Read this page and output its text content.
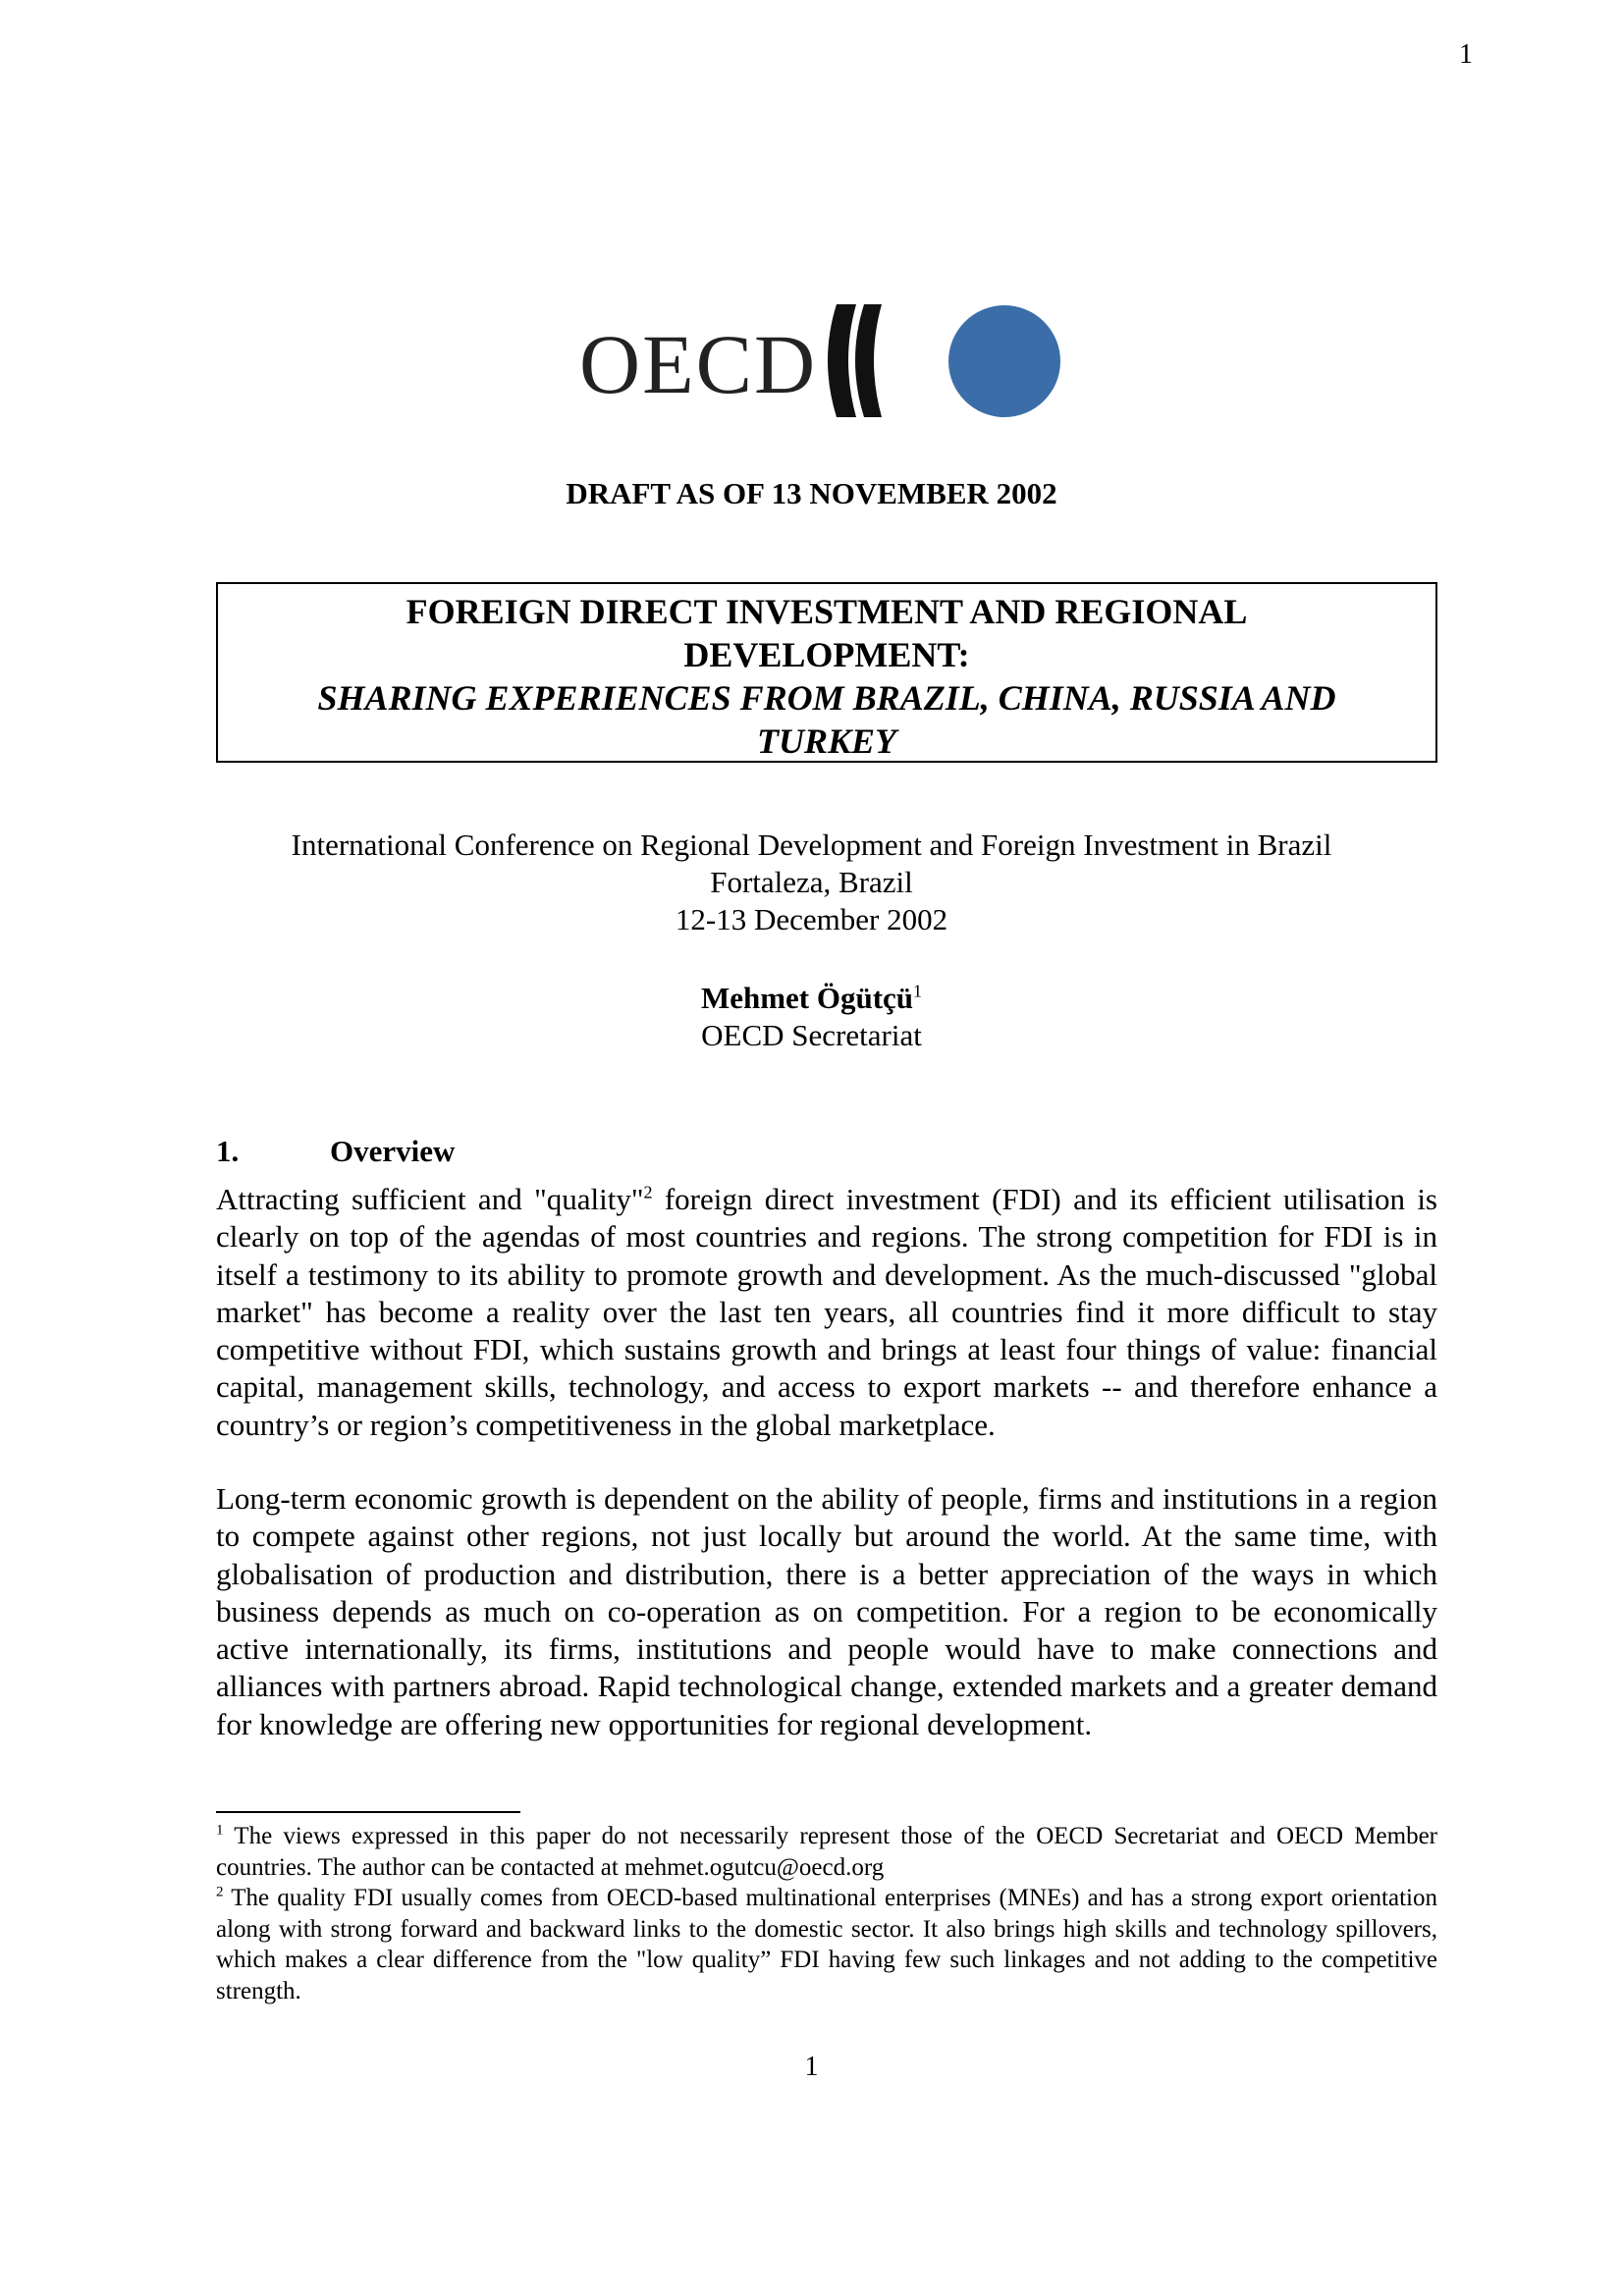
1
OECD
DRAFT AS OF 13 NOVEMBER 2002
FOREIGN DIRECT INVESTMENT AND REGIONAL DEVELOPMENT:
SHARING EXPERIENCES FROM BRAZIL, CHINA, RUSSIA AND TURKEY
International Conference on Regional Development and Foreign Investment in Brazil
Fortaleza, Brazil
12-13 December 2002
Mehmet Ögütçü$^1$
OECD Secretariat
1.	Overview
Attracting sufficient and "quality"$^2$ foreign direct investment (FDI) and its efficient utilisation is clearly on top of the agendas of most countries and regions. The strong competition for FDI is in itself a testimony to its ability to promote growth and development. As the much-discussed "global market" has become a reality over the last ten years, all countries find it more difficult to stay competitive without FDI, which sustains growth and brings at least four things of value: financial capital, management skills, technology, and access to export markets -- and therefore enhance a country’s or region’s competitiveness in the global marketplace.
Long-term economic growth is dependent on the ability of people, firms and institutions in a region to compete against other regions, not just locally but around the world. At the same time, with globalisation of production and distribution, there is a better appreciation of the ways in which business depends as much on co-operation as on competition. For a region to be economically active internationally, its firms, institutions and people would have to make connections and alliances with partners abroad. Rapid technological change, extended markets and a greater demand for knowledge are offering new opportunities for regional development.

$^1$ The views expressed in this paper do not necessarily represent those of the OECD Secretariat and OECD Member countries. The author can be contacted at mehmet.ogutcu@oecd.org

$^2$ The quality FDI usually comes from OECD-based multinational enterprises (MNEs) and has a strong export orientation along with strong forward and backward links to the domestic sector. It also brings high skills and technology spillovers, which makes a clear difference from the "low quality” FDI having few such linkages and not adding to the competitive strength.

1
